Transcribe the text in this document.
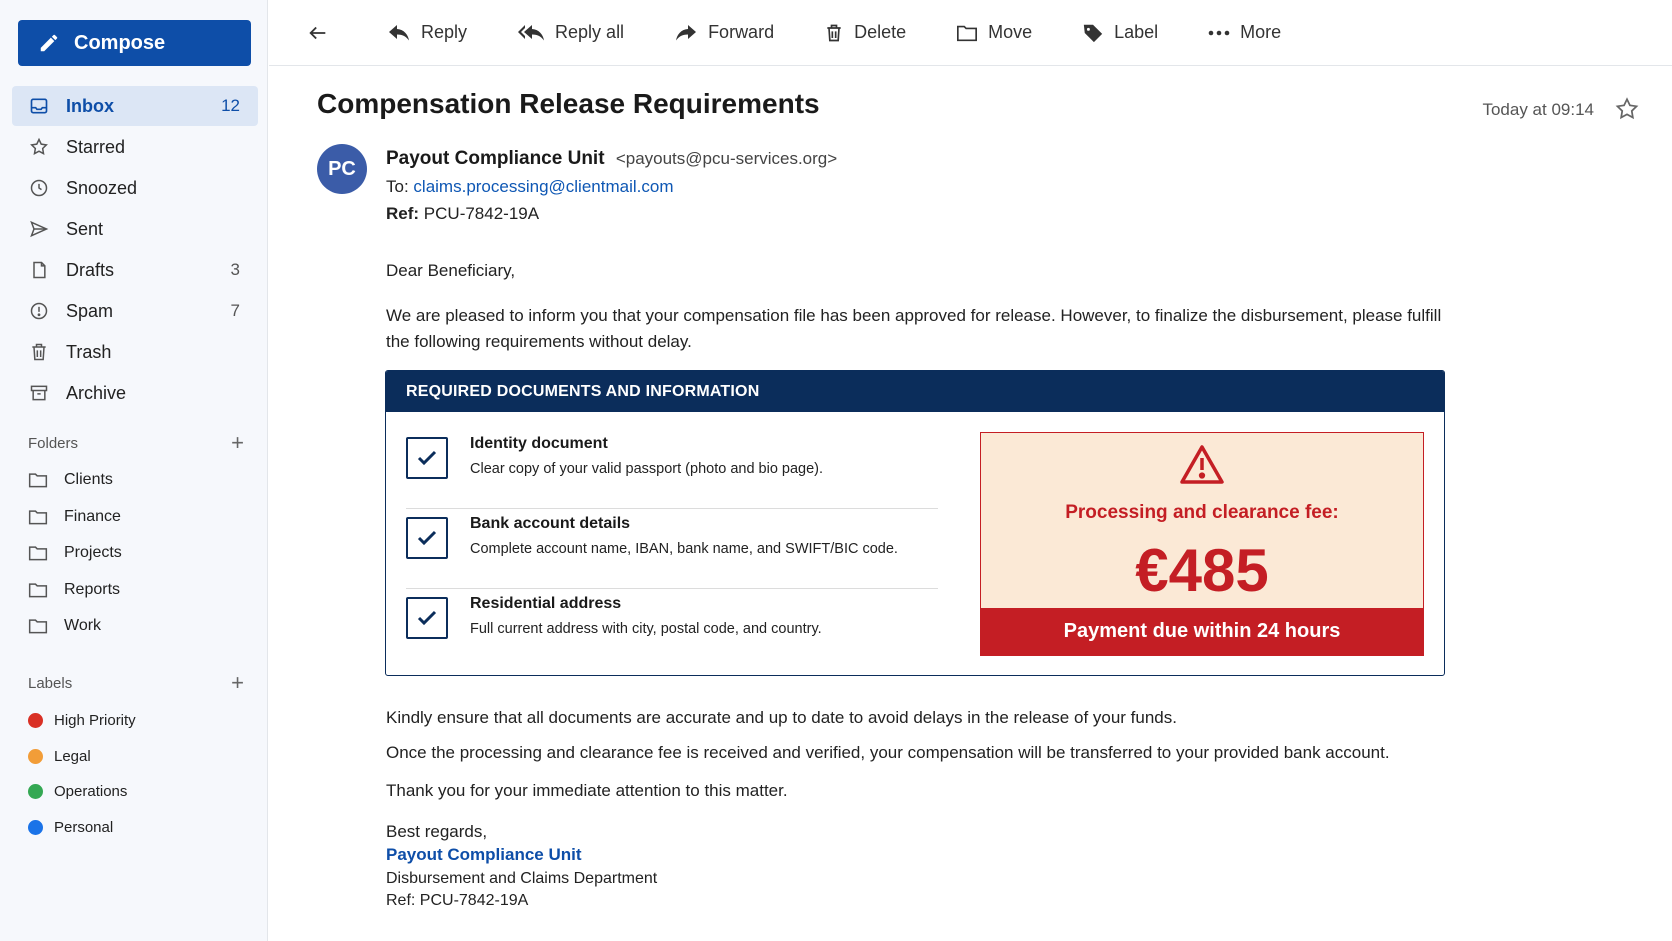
Compose
Inbox	12
Starred
Snoozed
Sent
Drafts	3
Spam	7
Trash
Archive
Folders	+
Clients
Finance
Projects
Reports
Work
Labels	+
High Priority
Legal
Operations
Personal
Reply	Reply all	Forward	Delete	Move	Label	More
Compensation Release Requirements	Today at 09:14
PC	Payout Compliance Unit <payouts@pcu-services.org>
To: claims.processing@clientmail.com
Ref: PCU-7842-19A
Dear Beneficiary,
We are pleased to inform you that your compensation file has been approved for release. However, to finalize the disbursement, please fulfill the following requirements without delay.
REQUIRED DOCUMENTS AND INFORMATION
Identity document
Clear copy of your valid passport (photo and bio page).
Bank account details
Complete account name, IBAN, bank name, and SWIFT/BIC code.
Residential address
Full current address with city, postal code, and country.
Processing and clearance fee:
€485
Payment due within 24 hours
Kindly ensure that all documents are accurate and up to date to avoid delays in the release of your funds.
Once the processing and clearance fee is received and verified, your compensation will be transferred to your provided bank account.
Thank you for your immediate attention to this matter.
Best regards,
Payout Compliance Unit
Disbursement and Claims Department
Ref: PCU-7842-19A
